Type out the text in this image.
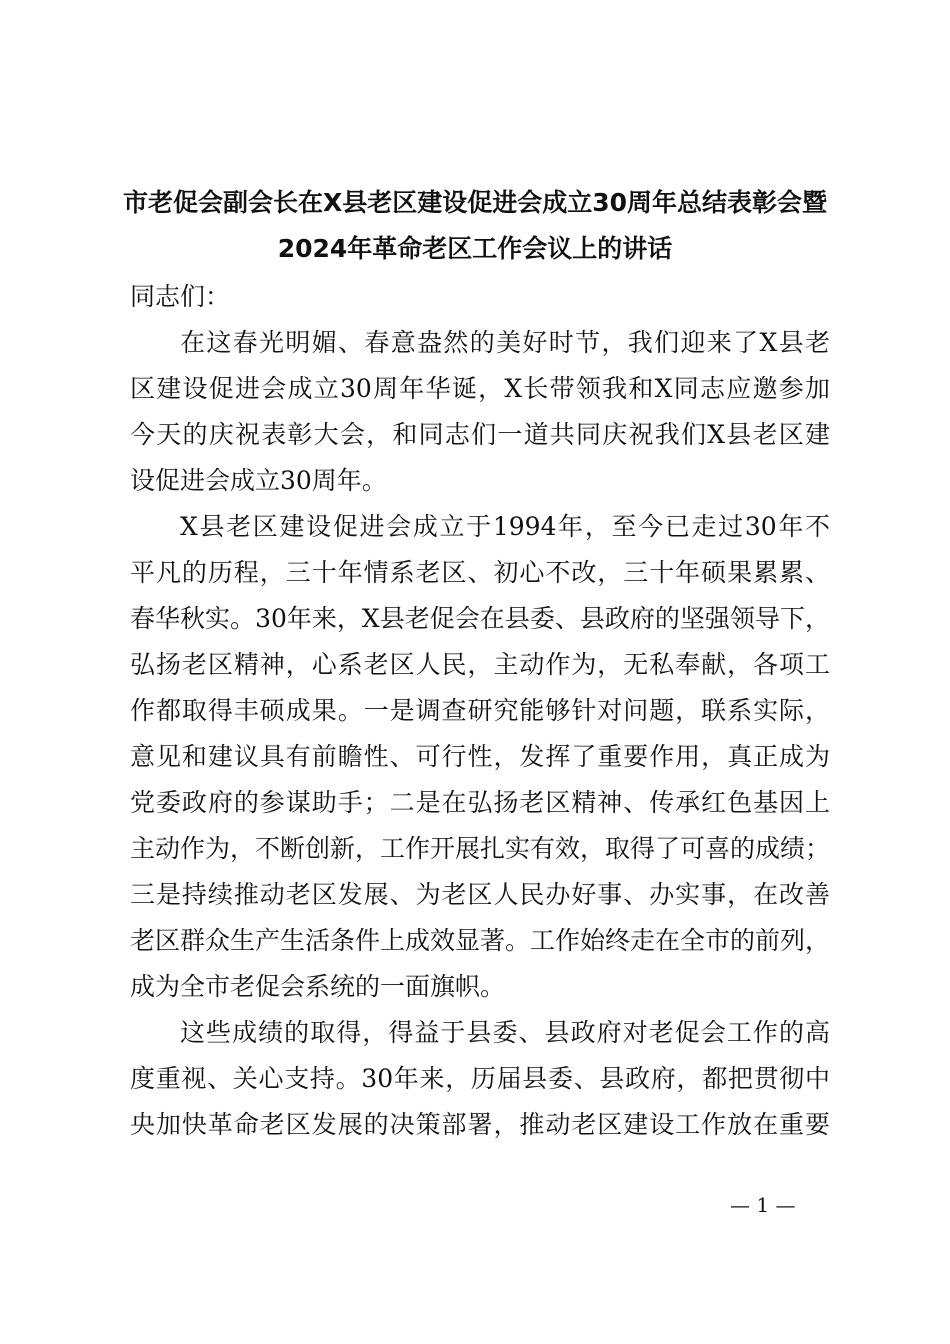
市老促会副会长在X县老区建设促进会成立30周年总结表彰会暨
2024年革命老区工作会议上的讲话
同志们：
在这春光明媚、春意盎然的美好时节，我们迎来了X县老
区建设促进会成立30周年华诞，X长带领我和X同志应邀参加
今天的庆祝表彰大会，和同志们一道共同庆祝我们X县老区建
设促进会成立30周年。
X县老区建设促进会成立于1994年，至今已走过30年不
平凡的历程，三十年情系老区、初心不改，三十年硕果累累、
春华秋实。30年来，X县老促会在县委、县政府的坚强领导下，
弘扬老区精神，心系老区人民，主动作为，无私奉献，各项工
作都取得丰硕成果。一是调查研究能够针对问题，联系实际，
意见和建议具有前瞻性、可行性，发挥了重要作用，真正成为
党委政府的参谋助手；二是在弘扬老区精神、传承红色基因上
主动作为，不断创新，工作开展扎实有效，取得了可喜的成绩；
三是持续推动老区发展、为老区人民办好事、办实事，在改善
老区群众生产生活条件上成效显著。工作始终走在全市的前列，
成为全市老促会系统的一面旗帜。
这些成绩的取得，得益于县委、县政府对老促会工作的高
度重视、关心支持。30年来，历届县委、县政府，都把贯彻中
央加快革命老区发展的决策部署，推动老区建设工作放在重要
— 1 —
